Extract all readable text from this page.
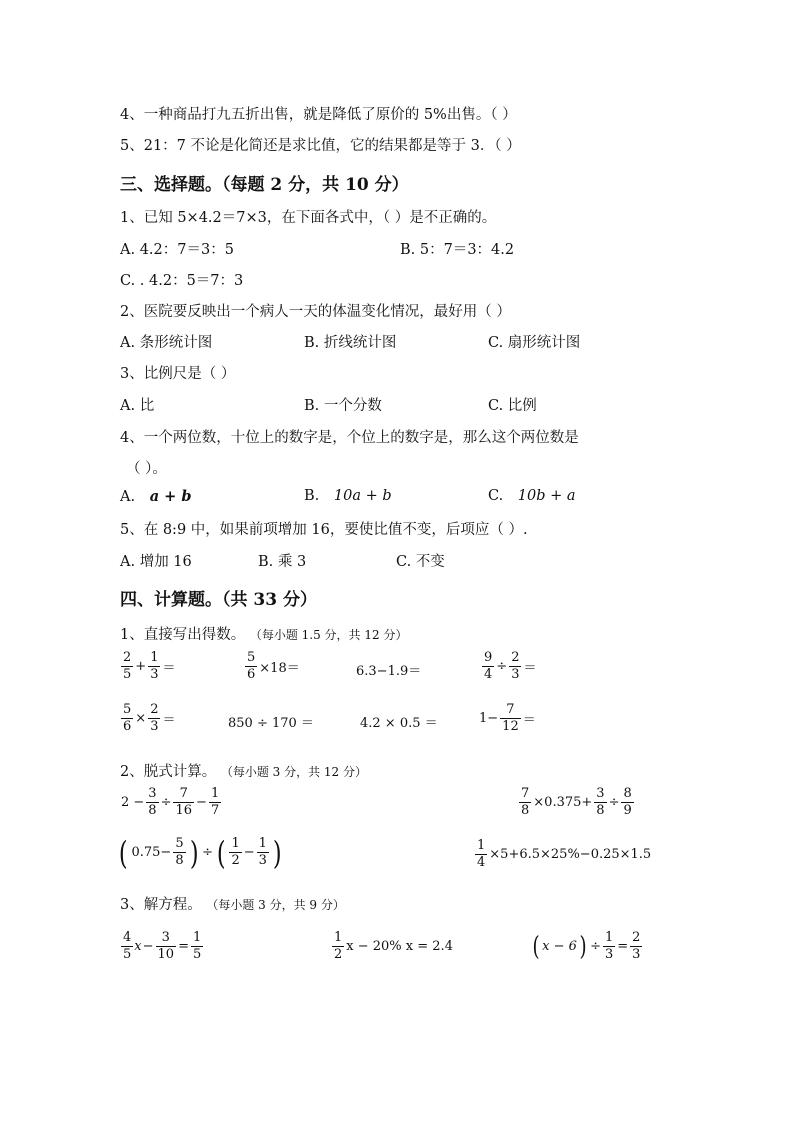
4、一种商品打九五折出售，就是降低了原价的 5%出售。（ ）
5、21：7 不论是化简还是求比值，它的结果都是等于 3．（ ）
三、选择题。（每题 2 分，共 10 分）
1、已知 5×4.2＝7×3，在下面各式中，（ ）是不正确的。
A. 4.2：7＝3：5	B. 5：7＝3：4.2
C. . 4.2：5＝7：3
2、医院要反映出一个病人一天的体温变化情况，最好用（ ）
A. 条形统计图	B. 折线统计图	C. 扇形统计图
3、比例尺是（ ）
A. 比	B. 一个分数	C. 比例
4、一个两位数，十位上的数字是，个位上的数字是，那么这个两位数是
（ ）。
A. a + b	B. 10a + b	C. 10b + a
5、在 8:9 中，如果前项增加 16，要使比值不变，后项应（ ）.
A. 增加 16	B. 乘 3	C. 不变
四、计算题。（共 33 分）
1、直接写出得数。 （每小题 1.5 分，共 12 分）
$\frac{2}{5} + \frac{1}{3}$ ＝	$\frac{5}{6} \times 18=$	6.3−1.9＝	$\frac{9}{4} \div \frac{2}{3}$ ＝
$\frac{5}{6} \times \frac{2}{3}$ ＝	850 ÷ 170 ＝	4.2 × 0.5 ＝	$1- \frac{7}{12}$ ＝
2、脱式计算。 （每小题 3 分，共 12 分）
$2 - \frac{3}{8} \div \frac{7}{16} - \frac{1}{7}$	$\frac{7}{8} \times 0.375+ \frac{3}{8} \div \frac{8}{9}$
( $0.75- \frac{5}{8}$ ) ÷ ( $\frac{1}{2} - \frac{1}{3}$ )	$\frac{1}{4} \times 5+6.5\times 25\%-0.25\times 1.5$
3、解方程。 （每小题 3 分，共 9 分）
$\frac{4}{5}$ $x - \frac{3}{10} = \frac{1}{5}$	$\frac{1}{2}$ x − 20% x = 2.4	( x − 6 ) ÷ $\frac{1}{3} = \frac{2}{3}$
